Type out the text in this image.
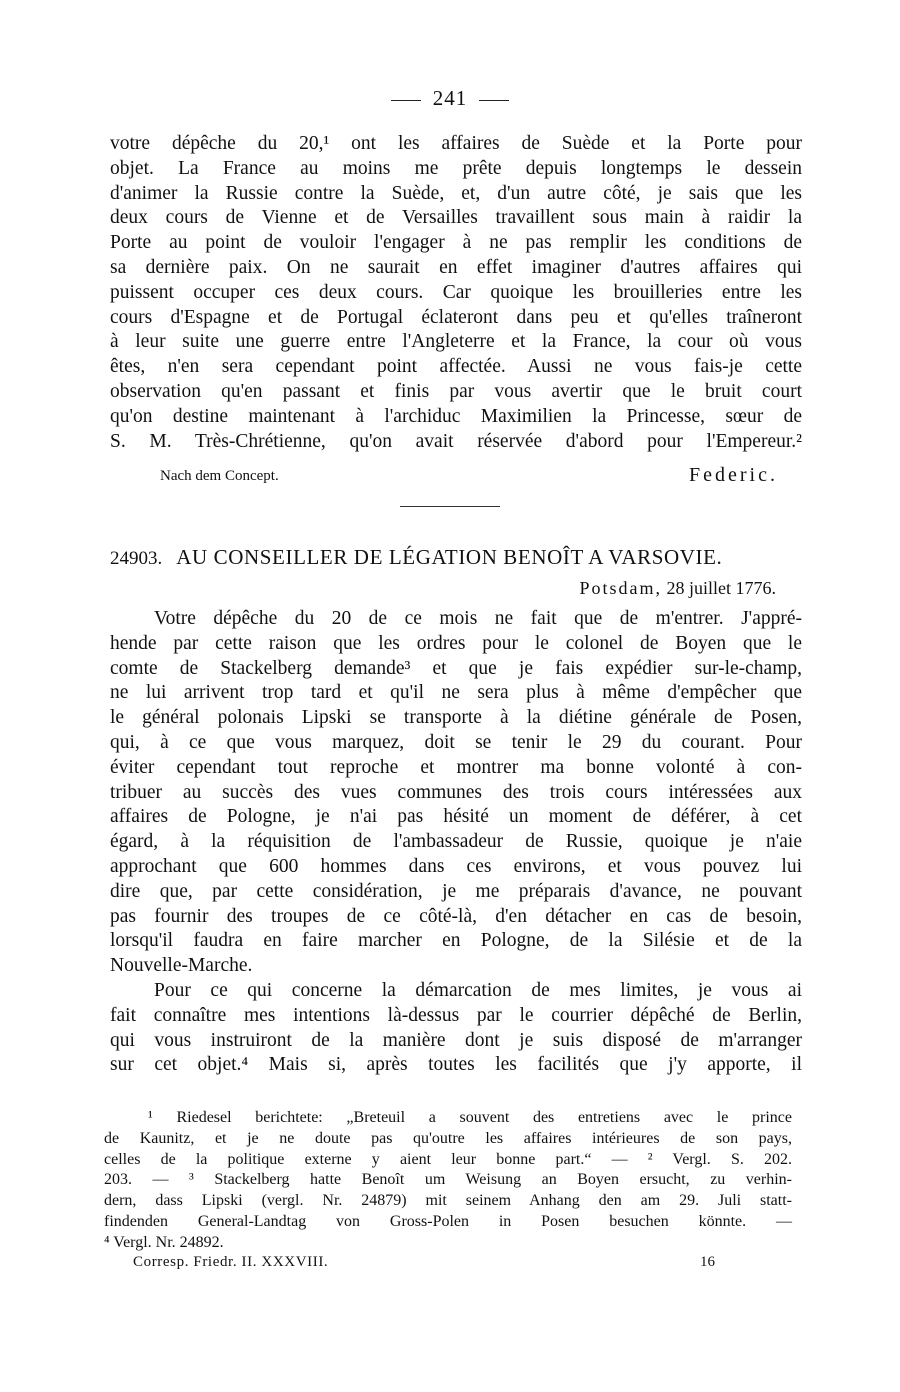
241
votre dépêche du 20,¹ ont les affaires de Suède et la Porte pour
objet. La France au moins me prête depuis longtemps le dessein
d'animer la Russie contre la Suède, et, d'un autre côté, je sais que les
deux cours de Vienne et de Versailles travaillent sous main à raidir la
Porte au point de vouloir l'engager à ne pas remplir les conditions de
sa dernière paix. On ne saurait en effet imaginer d'autres affaires qui
puissent occuper ces deux cours. Car quoique les brouilleries entre les
cours d'Espagne et de Portugal éclateront dans peu et qu'elles traîneront
à leur suite une guerre entre l'Angleterre et la France, la cour où vous
êtes, n'en sera cependant point affectée. Aussi ne vous fais-je cette
observation qu'en passant et finis par vous avertir que le bruit court
qu'on destine maintenant à l'archiduc Maximilien la Princesse, sœur de
S. M. Très-Chrétienne, qu'on avait réservée d'abord pour l'Empereur.²
Nach dem Concept.	Federic.
24903. AU CONSEILLER DE LÉGATION BENOÎT A VARSOVIE.
Potsdam, 28 juillet 1776.
Votre dépêche du 20 de ce mois ne fait que de m'entrer. J'appré-
hende par cette raison que les ordres pour le colonel de Boyen que le
comte de Stackelberg demande³ et que je fais expédier sur-le-champ,
ne lui arrivent trop tard et qu'il ne sera plus à même d'empêcher que
le général polonais Lipski se transporte à la diétine générale de Posen,
qui, à ce que vous marquez, doit se tenir le 29 du courant. Pour
éviter cependant tout reproche et montrer ma bonne volonté à con-
tribuer au succès des vues communes des trois cours intéressées aux
affaires de Pologne, je n'ai pas hésité un moment de déférer, à cet
égard, à la réquisition de l'ambassadeur de Russie, quoique je n'aie
approchant que 600 hommes dans ces environs, et vous pouvez lui
dire que, par cette considération, je me préparais d'avance, ne pouvant
pas fournir des troupes de ce côté-là, d'en détacher en cas de besoin,
lorsqu'il faudra en faire marcher en Pologne, de la Silésie et de la
Nouvelle-Marche.
Pour ce qui concerne la démarcation de mes limites, je vous ai
fait connaître mes intentions là-dessus par le courrier dépêché de Berlin,
qui vous instruiront de la manière dont je suis disposé de m'arranger
sur cet objet.⁴ Mais si, après toutes les facilités que j'y apporte, il
¹ Riedesel berichtete: „Breteuil a souvent des entretiens avec le prince
de Kaunitz, et je ne doute pas qu'outre les affaires intérieures de son pays,
celles de la politique externe y aient leur bonne part.“ — ² Vergl. S. 202.
203. — ³ Stackelberg hatte Benoît um Weisung an Boyen ersucht, zu verhin-
dern, dass Lipski (vergl. Nr. 24879) mit seinem Anhang den am 29. Juli statt-
findenden General-Landtag von Gross-Polen in Posen besuchen könnte. —
⁴ Vergl. Nr. 24892.
Corresp. Friedr. II. XXXVIII.	16
